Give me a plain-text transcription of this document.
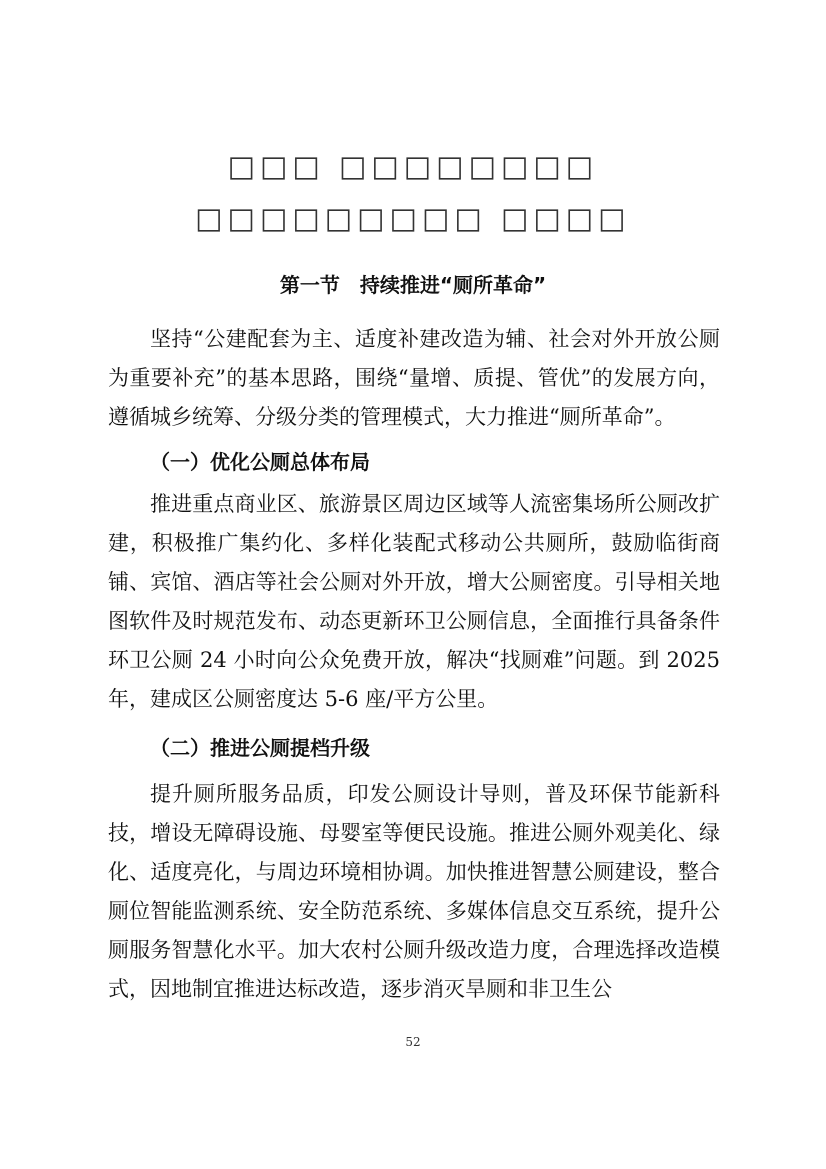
□□□ □□□□□□□□ □□□□□□□□□ □□□□
第一节　持续推进“厕所革命”

坚持“公建配套为主、适度补建改造为辅、社会对外开放公厕为重要补充”的基本思路，围绕“量增、质提、管优”的发展方向，遵循城乡统筹、分级分类的管理模式，大力推进“厕所革命”。

（一）优化公厕总体布局

推进重点商业区、旅游景区周边区域等人流密集场所公厕改扩建，积极推广集约化、多样化装配式移动公共厕所，鼓励临街商铺、宾馆、酒店等社会公厕对外开放，增大公厕密度。引导相关地图软件及时规范发布、动态更新环卫公厕信息，全面推行具备条件环卫公厕 24 小时向公众免费开放，解决“找厕难”问题。到 2025 年，建成区公厕密度达 5-6 座/平方公里。

（二）推进公厕提档升级

提升厕所服务品质，印发公厕设计导则，普及环保节能新科技，增设无障碍设施、母婴室等便民设施。推进公厕外观美化、绿化、适度亮化，与周边环境相协调。加快推进智慧公厕建设，整合厕位智能监测系统、安全防范系统、多媒体信息交互系统，提升公厕服务智慧化水平。加大农村公厕升级改造力度，合理选择改造模式，因地制宜推进达标改造，逐步消灭旱厕和非卫生公

52
